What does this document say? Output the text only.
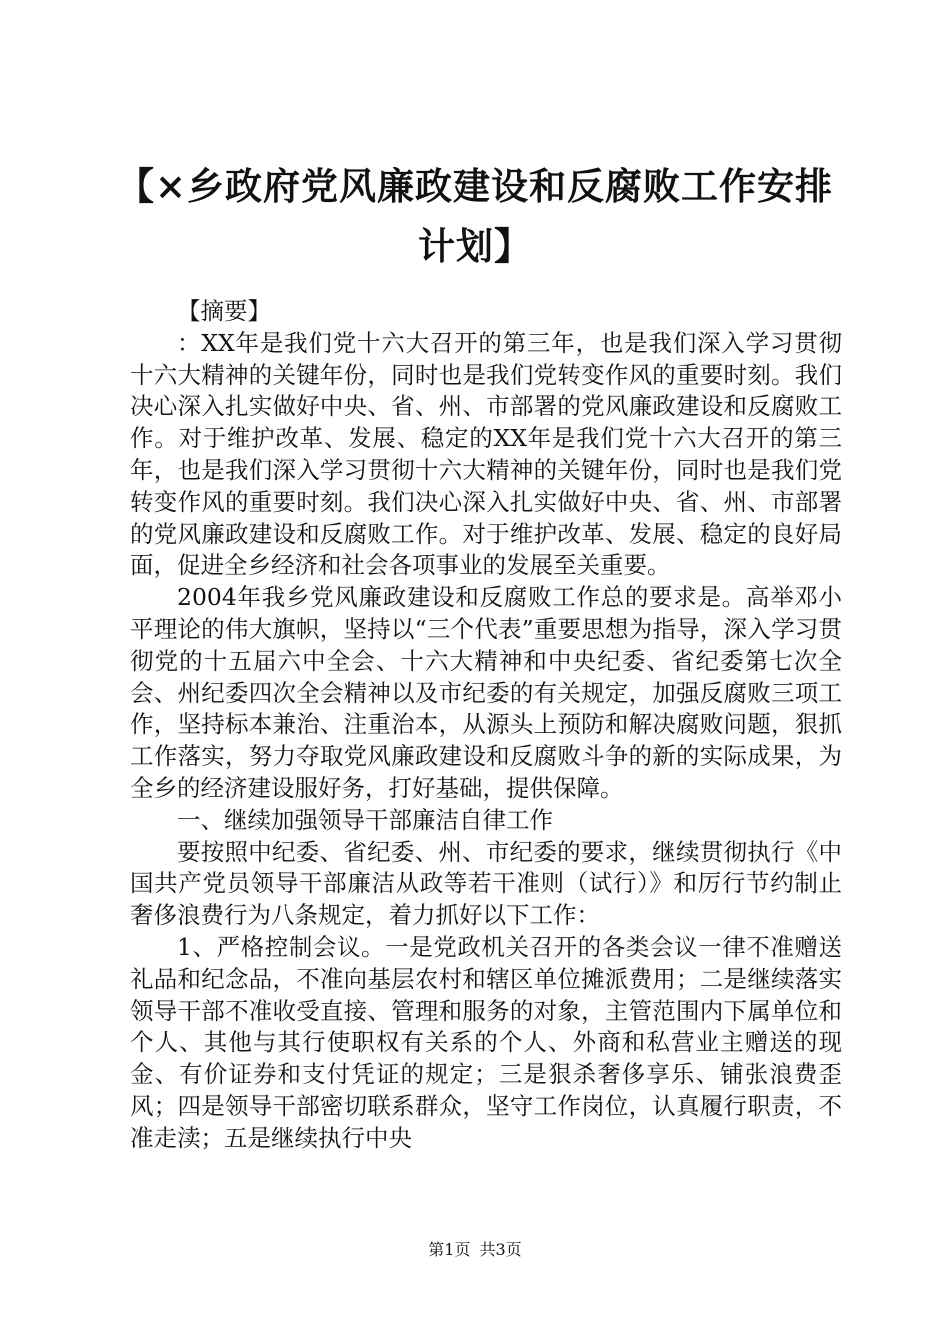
【×乡政府党风廉政建设和反腐败工作安排计划】

【摘要】

：XX年是我们党十六大召开的第三年，也是我们深入学习贯彻十六大精神的关键年份，同时也是我们党转变作风的重要时刻。我们决心深入扎实做好中央、省、州、市部署的党风廉政建设和反腐败工作。对于维护改革、发展、稳定的XX年是我们党十六大召开的第三年，也是我们深入学习贯彻十六大精神的关键年份，同时也是我们党转变作风的重要时刻。我们决心深入扎实做好中央、省、州、市部署的党风廉政建设和反腐败工作。对于维护改革、发展、稳定的良好局面，促进全乡经济和社会各项事业的发展至关重要。

2004年我乡党风廉政建设和反腐败工作总的要求是。高举邓小平理论的伟大旗帜，坚持以“三个代表”重要思想为指导，深入学习贯彻党的十五届六中全会、十六大精神和中央纪委、省纪委第七次全会、州纪委四次全会精神以及市纪委的有关规定，加强反腐败三项工作，坚持标本兼治、注重治本，从源头上预防和解决腐败问题，狠抓工作落实，努力夺取党风廉政建设和反腐败斗争的新的实际成果，为全乡的经济建设服好务，打好基础，提供保障。

一、继续加强领导干部廉洁自律工作

要按照中纪委、省纪委、州、市纪委的要求，继续贯彻执行《中国共产党员领导干部廉洁从政等若干准则（试行）》和厉行节约制止奢侈浪费行为八条规定，着力抓好以下工作：

1、严格控制会议。一是党政机关召开的各类会议一律不准赠送礼品和纪念品，不准向基层农村和辖区单位摊派费用；二是继续落实领导干部不准收受直接、管理和服务的对象，主管范围内下属单位和个人、其他与其行使职权有关系的个人、外商和私营业主赠送的现金、有价证券和支付凭证的规定；三是狠杀奢侈享乐、铺张浪费歪风；四是领导干部密切联系群众，坚守工作岗位，认真履行职责，不准走渎；五是继续执行中央

第1页 共3页
